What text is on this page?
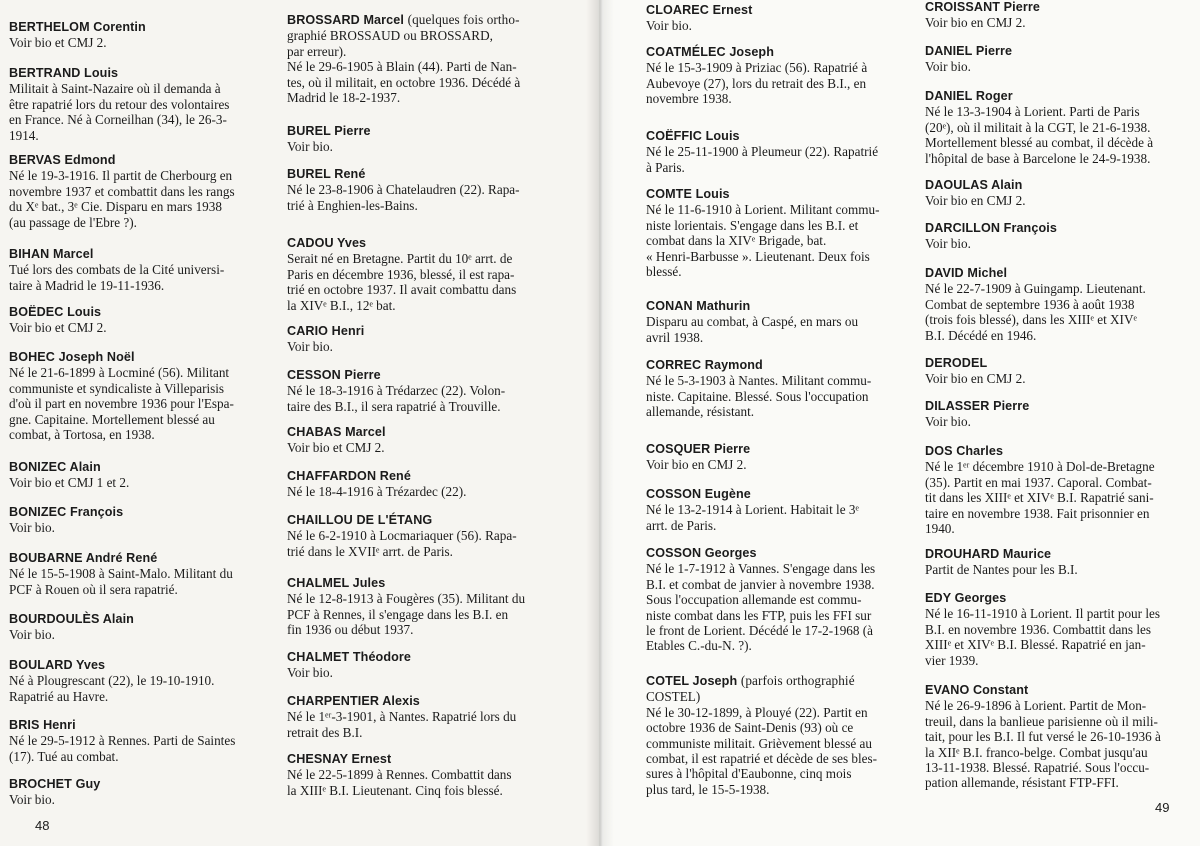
BERTHELOM Corentin
Voir bio et CMJ 2.
BERTRAND Louis
Militait à Saint-Nazaire où il demanda à
être rapatrié lors du retour des volontaires
en France. Né à Corneilhan (34), le 26-3-
1914.
BERVAS Edmond
Né le 19-3-1916. Il partit de Cherbourg en
novembre 1937 et combattit dans les rangs
du Xᵉ bat., 3ᵉ Cie. Disparu en mars 1938
(au passage de l'Ebre ?).
BIHAN Marcel
Tué lors des combats de la Cité universi-
taire à Madrid le 19-11-1936.
BOËDEC Louis
Voir bio et CMJ 2.
BOHEC Joseph Noël
Né le 21-6-1899 à Locminé (56). Militant
communiste et syndicaliste à Villeparisis
d'où il part en novembre 1936 pour l'Espa-
gne. Capitaine. Mortellement blessé au
combat, à Tortosa, en 1938.
BONIZEC Alain
Voir bio et CMJ 1 et 2.
BONIZEC François
Voir bio.
BOUBARNE André René
Né le 15-5-1908 à Saint-Malo. Militant du
PCF à Rouen où il sera rapatrié.
BOURDOULÈS Alain
Voir bio.
BOULARD Yves
Né à Plougrescant (22), le 19-10-1910.
Rapatrié au Havre.
BRIS Henri
Né le 29-5-1912 à Rennes. Parti de Saintes
(17). Tué au combat.
BROCHET Guy
Voir bio.
BROSSARD Marcel (quelques fois ortho-
graphié BROSSAUD ou BROSSARD,
par erreur).
Né le 29-6-1905 à Blain (44). Parti de Nan-
tes, où il militait, en octobre 1936. Décédé à
Madrid le 18-2-1937.
BUREL Pierre
Voir bio.
BUREL René
Né le 23-8-1906 à Chatelaudren (22). Rapa-
trié à Enghien-les-Bains.
CADOU Yves
Serait né en Bretagne. Partit du 10ᵉ arrt. de
Paris en décembre 1936, blessé, il est rapa-
trié en octobre 1937. Il avait combattu dans
la XIVᵉ B.I., 12ᵉ bat.
CARIO Henri
Voir bio.
CESSON Pierre
Né le 18-3-1916 à Trédarzec (22). Volon-
taire des B.I., il sera rapatrié à Trouville.
CHABAS Marcel
Voir bio et CMJ 2.
CHAFFARDON René
Né le 18-4-1916 à Trézardec (22).
CHAILLOU DE L'ÉTANG
Né le 6-2-1910 à Locmariaquer (56). Rapa-
trié dans le XVIIᵉ arrt. de Paris.
CHALMEL Jules
Né le 12-8-1913 à Fougères (35). Militant du
PCF à Rennes, il s'engage dans les B.I. en
fin 1936 ou début 1937.
CHALMET Théodore
Voir bio.
CHARPENTIER Alexis
Né le 1ᵉʳ-3-1901, à Nantes. Rapatrié lors du
retrait des B.I.
CHESNAY Ernest
Né le 22-5-1899 à Rennes. Combattit dans
la XIIIᵉ B.I. Lieutenant. Cinq fois blessé.
CLOAREC Ernest
Voir bio.
COATMÉLEC Joseph
Né le 15-3-1909 à Priziac (56). Rapatrié à
Aubevoye (27), lors du retrait des B.I., en
novembre 1938.
COËFFIC Louis
Né le 25-11-1900 à Pleumeur (22). Rapatrié
à Paris.
COMTE Louis
Né le 11-6-1910 à Lorient. Militant commu-
niste lorientais. S'engage dans les B.I. et
combat dans la XIVᵉ Brigade, bat.
« Henri-Barbusse ». Lieutenant. Deux fois
blessé.
CONAN Mathurin
Disparu au combat, à Caspé, en mars ou
avril 1938.
CORREC Raymond
Né le 5-3-1903 à Nantes. Militant commu-
niste. Capitaine. Blessé. Sous l'occupation
allemande, résistant.
COSQUER Pierre
Voir bio en CMJ 2.
COSSON Eugène
Né le 13-2-1914 à Lorient. Habitait le 3ᵉ
arrt. de Paris.
COSSON Georges
Né le 1-7-1912 à Vannes. S'engage dans les
B.I. et combat de janvier à novembre 1938.
Sous l'occupation allemande est commu-
niste combat dans les FTP, puis les FFI sur
le front de Lorient. Décédé le 17-2-1968 (à
Etables C.-du-N. ?).
COTEL Joseph (parfois orthographié
COSTEL)
Né le 30-12-1899, à Plouyé (22). Partit en
octobre 1936 de Saint-Denis (93) où ce
communiste militait. Grièvement blessé au
combat, il est rapatrié et décède de ses bles-
sures à l'hôpital d'Eaubonne, cinq mois
plus tard, le 15-5-1938.
CROISSANT Pierre
Voir bio en CMJ 2.
DANIEL Pierre
Voir bio.
DANIEL Roger
Né le 13-3-1904 à Lorient. Parti de Paris
(20ᵉ), où il militait à la CGT, le 21-6-1938.
Mortellement blessé au combat, il décède à
l'hôpital de base à Barcelone le 24-9-1938.
DAOULAS Alain
Voir bio en CMJ 2.
DARCILLON François
Voir bio.
DAVID Michel
Né le 22-7-1909 à Guingamp. Lieutenant.
Combat de septembre 1936 à août 1938
(trois fois blessé), dans les XIIIᵉ et XIVᵉ
B.I. Décédé en 1946.
DERODEL
Voir bio en CMJ 2.
DILASSER Pierre
Voir bio.
DOS Charles
Né le 1ᵉʳ décembre 1910 à Dol-de-Bretagne
(35). Partit en mai 1937. Caporal. Combat-
tit dans les XIIIᵉ et XIVᵉ B.I. Rapatrié sani-
taire en novembre 1938. Fait prisonnier en
1940.
DROUHARD Maurice
Partit de Nantes pour les B.I.
EDY Georges
Né le 16-11-1910 à Lorient. Il partit pour les
B.I. en novembre 1936. Combattit dans les
XIIIᵉ et XIVᵉ B.I. Blessé. Rapatrié en jan-
vier 1939.
EVANO Constant
Né le 26-9-1896 à Lorient. Partit de Mon-
treuil, dans la banlieue parisienne où il mili-
tait, pour les B.I. Il fut versé le 26-10-1936 à
la XIIᵉ B.I. franco-belge. Combat jusqu'au
13-11-1938. Blessé. Rapatrié. Sous l'occu-
pation allemande, résistant FTP-FFI.
48
49
